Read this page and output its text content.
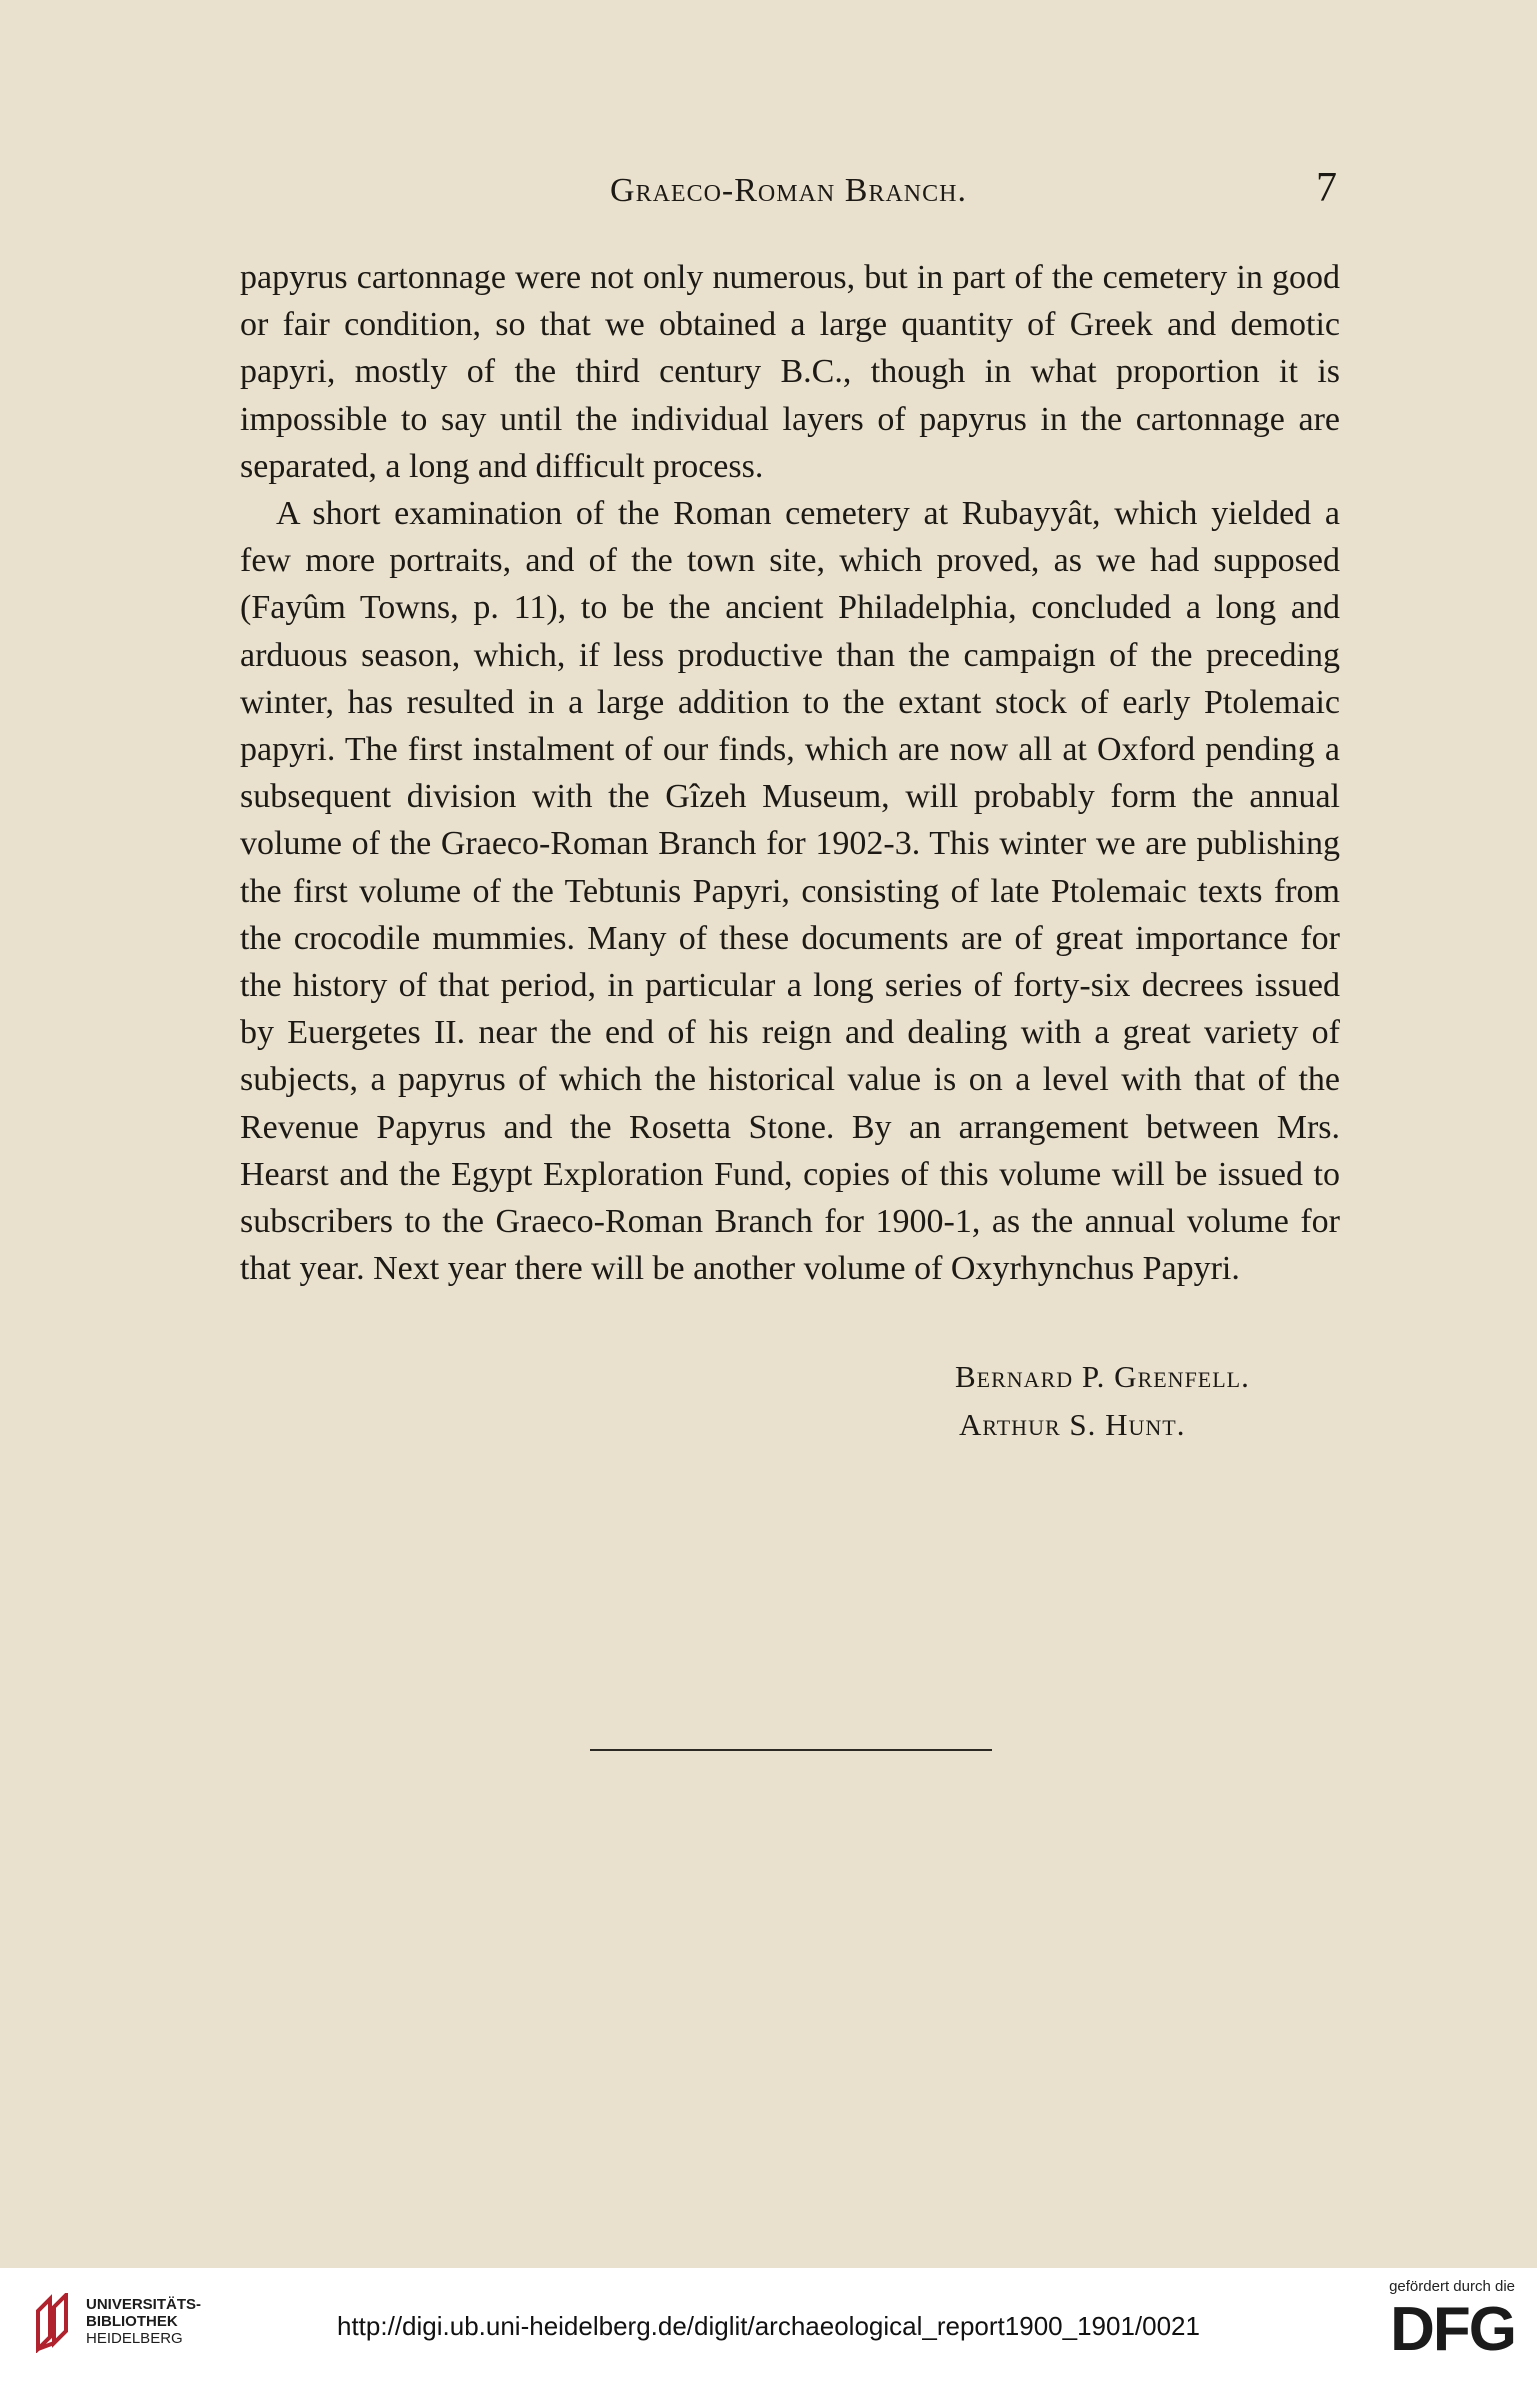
Graeco-Roman Branch.	7

papyrus cartonnage were not only numerous, but in part of the cemetery in good or fair condition, so that we obtained a large quantity of Greek and demotic papyri, mostly of the third century B.C., though in what proportion it is impossible to say until the individual layers of papyrus in the cartonnage are separated, a long and difficult process.

A short examination of the Roman cemetery at Rubayyât, which yielded a few more portraits, and of the town site, which proved, as we had supposed (Fayûm Towns, p. 11), to be the ancient Philadelphia, concluded a long and arduous season, which, if less productive than the campaign of the preceding winter, has resulted in a large addition to the extant stock of early Ptolemaic papyri. The first instalment of our finds, which are now all at Oxford pending a subsequent division with the Gîzeh Museum, will probably form the annual volume of the Graeco-Roman Branch for 1902-3. This winter we are publishing the first volume of the Tebtunis Papyri, consisting of late Ptolemaic texts from the crocodile mummies. Many of these documents are of great importance for the history of that period, in particular a long series of forty-six decrees issued by Euergetes II. near the end of his reign and dealing with a great variety of subjects, a papyrus of which the historical value is on a level with that of the Revenue Papyrus and the Rosetta Stone. By an arrangement between Mrs. Hearst and the Egypt Exploration Fund, copies of this volume will be issued to subscribers to the Graeco-Roman Branch for 1900-1, as the annual volume for that year. Next year there will be another volume of Oxyrhynchus Papyri.

Bernard P. Grenfell.
Arthur S. Hunt.
UNIVERSITÄTS-
BIBLIOTHEK
HEIDELBERG	http://digi.ub.uni-heidelberg.de/diglit/archaeological_report1900_1901/0021
gefördert durch die
DFG
